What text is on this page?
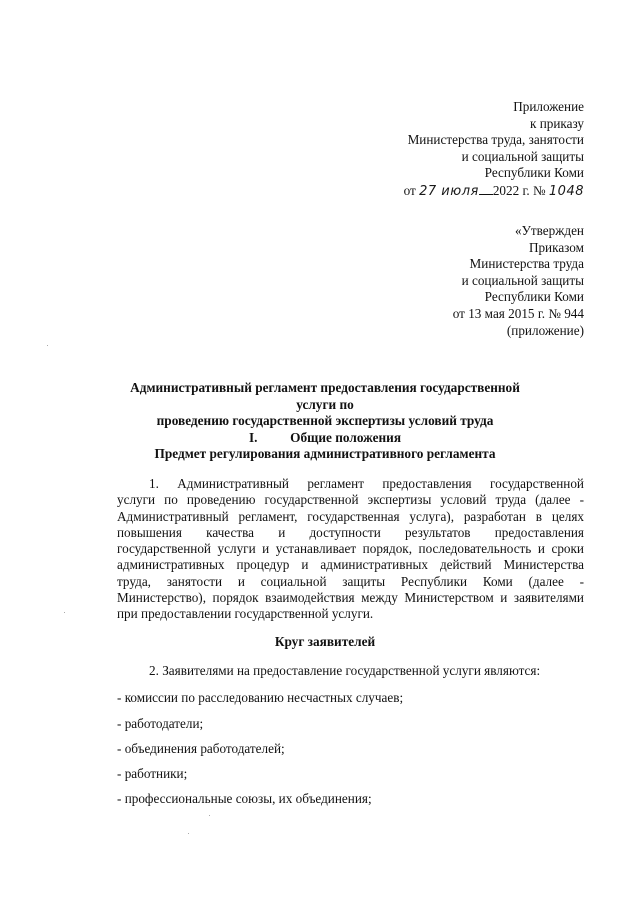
Приложение
к приказу
Министерства труда, занятости
и социальной защиты
Республики Коми
от 27 июля 2022 г. № 1048
«Утвержден
Приказом
Министерства труда
и социальной защиты
Республики Коми
от 13 мая 2015 г. № 944
(приложение)
Административный регламент предоставления государственной услуги по
проведению государственной экспертизы условий труда
I. Общие положения
Предмет регулирования административного регламента
1. Административный регламент предоставления государственной
услуги по проведению государственной экспертизы условий труда (далее -
Административный регламент, государственная услуга), разработан в целях
повышения качества и доступности результатов предоставления
государственной услуги и устанавливает порядок, последовательность и сроки
административных процедур и административных действий Министерства
труда, занятости и социальной защиты Республики Коми (далее -
Министерство), порядок взаимодействия между Министерством и заявителями
при предоставлении государственной услуги.
Круг заявителей
2. Заявителями на предоставление государственной услуги являются:
- комиссии по расследованию несчастных случаев;
- работодатели;
- объединения работодателей;
- работники;
- профессиональные союзы, их объединения;
